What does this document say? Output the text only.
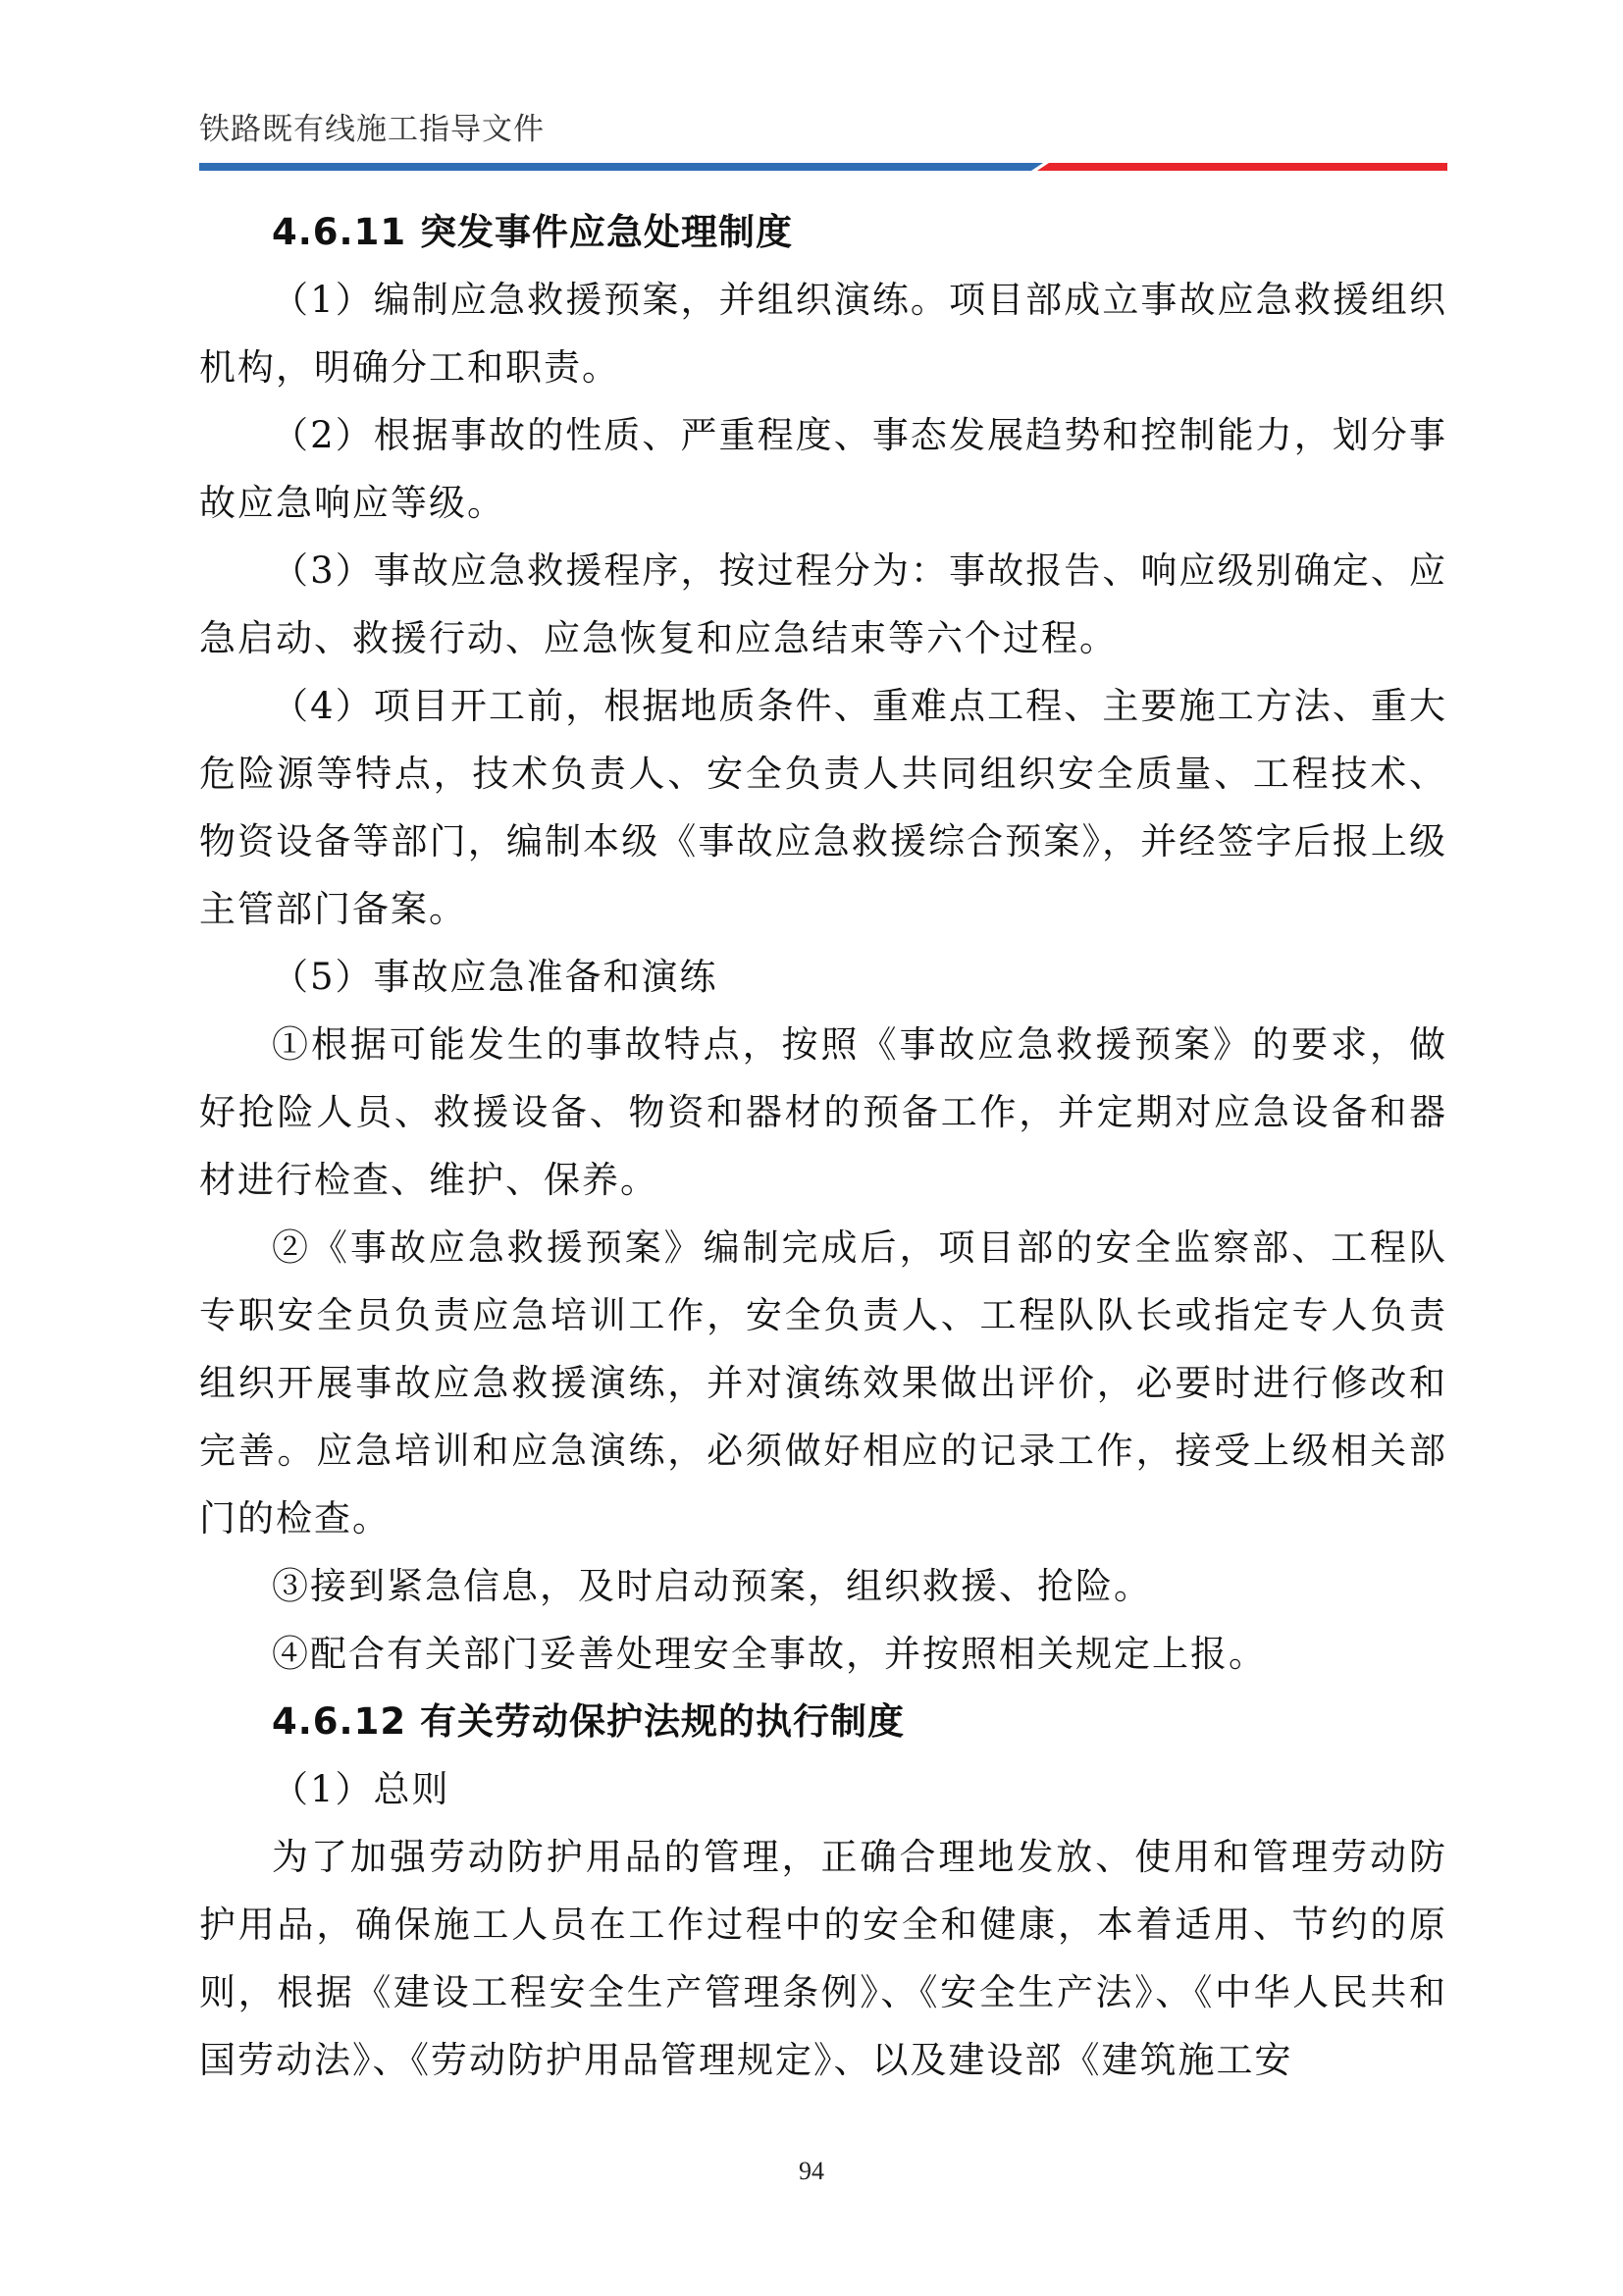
铁路既有线施工指导文件

4.6.11 突发事件应急处理制度

（1）编制应急救援预案，并组织演练。项目部成立事故应急救援组织机构，明确分工和职责。

（2）根据事故的性质、严重程度、事态发展趋势和控制能力，划分事故应急响应等级。

（3）事故应急救援程序，按过程分为：事故报告、响应级别确定、应急启动、救援行动、应急恢复和应急结束等六个过程。

（4）项目开工前，根据地质条件、重难点工程、主要施工方法、重大危险源等特点，技术负责人、安全负责人共同组织安全质量、工程技术、物资设备等部门，编制本级《事故应急救援综合预案》，并经签字后报上级主管部门备案。

（5）事故应急准备和演练

①根据可能发生的事故特点，按照《事故应急救援预案》的要求，做好抢险人员、救援设备、物资和器材的预备工作，并定期对应急设备和器材进行检查、维护、保养。

②《事故应急救援预案》编制完成后，项目部的安全监察部、工程队专职安全员负责应急培训工作，安全负责人、工程队队长或指定专人负责组织开展事故应急救援演练，并对演练效果做出评价，必要时进行修改和完善。应急培训和应急演练，必须做好相应的记录工作，接受上级相关部门的检查。

③接到紧急信息，及时启动预案，组织救援、抢险。

④配合有关部门妥善处理安全事故，并按照相关规定上报。

4.6.12 有关劳动保护法规的执行制度

（1）总则

为了加强劳动防护用品的管理，正确合理地发放、使用和管理劳动防护用品，确保施工人员在工作过程中的安全和健康，本着适用、节约的原则，根据《建设工程安全生产管理条例》、《安全生产法》、《中华人民共和国劳动法》、《劳动防护用品管理规定》、以及建设部《建筑施工安

94
